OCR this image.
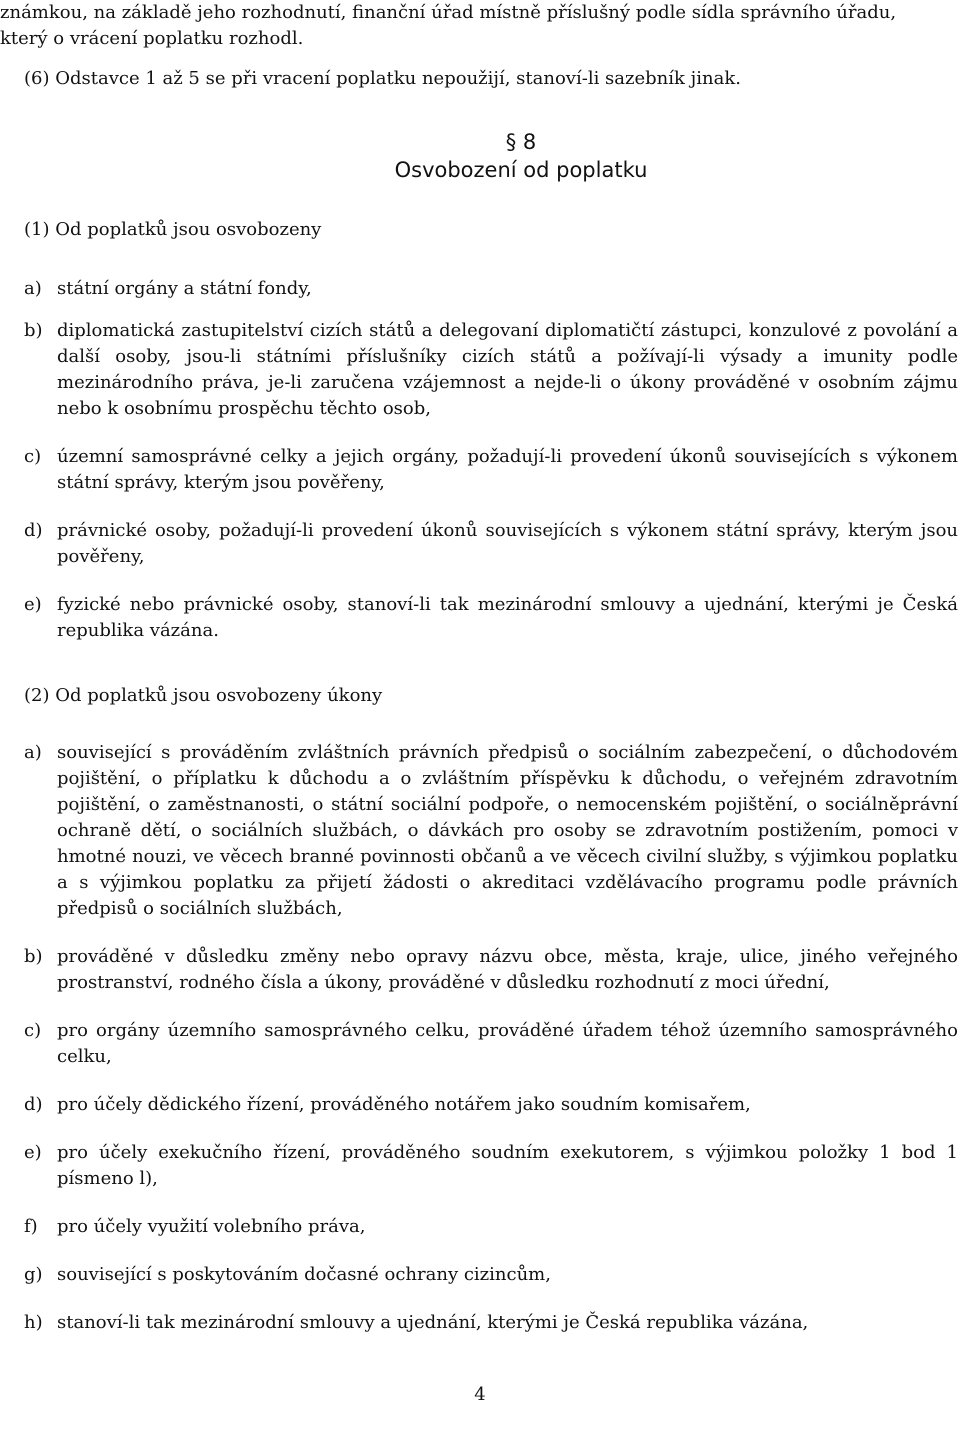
známkou, na základě jeho rozhodnutí, finanční úřad místně příslušný podle sídla správního úřadu,

který o vrácení poplatku rozhodl.

(6) Odstavce 1 až 5 se při vracení poplatku nepoužijí, stanoví-li sazebník jinak.

§ 8
Osvobození od poplatku

(1) Od poplatků jsou osvobozeny

a) státní orgány a státní fondy,
b) diplomatická zastupitelství cizích států a delegovaní diplomatičtí zástupci, konzulové z povolání a další osoby, jsou-li státními příslušníky cizích států a požívají-li výsady a imunity podle mezinárodního práva, je-li zaručena vzájemnost a nejde-li o úkony prováděné v osobním zájmu nebo k osobnímu prospěchu těchto osob,
c) územní samosprávné celky a jejich orgány, požadují-li provedení úkonů souvisejících s výkonem státní správy, kterým jsou pověřeny,
d) právnické osoby, požadují-li provedení úkonů souvisejících s výkonem státní správy, kterým jsou pověřeny,
e) fyzické nebo právnické osoby, stanoví-li tak mezinárodní smlouvy a ujednání, kterými je Česká republika vázána.

(2) Od poplatků jsou osvobozeny úkony

a) související s prováděním zvláštních právních předpisů o sociálním zabezpečení, o důchodovém pojištění, o příplatku k důchodu a o zvláštním příspěvku k důchodu, o veřejném zdravotním pojištění, o zaměstnanosti, o státní sociální podpoře, o nemocenském pojištění, o sociálněprávní ochraně dětí, o sociálních službách, o dávkách pro osoby se zdravotním postižením, pomoci v hmotné nouzi, ve věcech branné povinnosti občanů a ve věcech civilní služby, s výjimkou poplatku a s výjimkou poplatku za přijetí žádosti o akreditaci vzdělávacího programu podle právních předpisů o sociálních službách,
b) prováděné v důsledku změny nebo opravy názvu obce, města, kraje, ulice, jiného veřejného prostranství, rodného čísla a úkony, prováděné v důsledku rozhodnutí z moci úřední,
c) pro orgány územního samosprávného celku, prováděné úřadem téhož územního samosprávného celku,
d) pro účely dědického řízení, prováděného notářem jako soudním komisařem,
e) pro účely exekučního řízení, prováděného soudním exekutorem, s výjimkou položky 1 bod 1 písmeno l),
f)	pro účely využití volebního práva,
g) související s poskytováním dočasné ochrany cizincům,
h) stanoví-li tak mezinárodní smlouvy a ujednání, kterými je Česká republika vázána,
4
